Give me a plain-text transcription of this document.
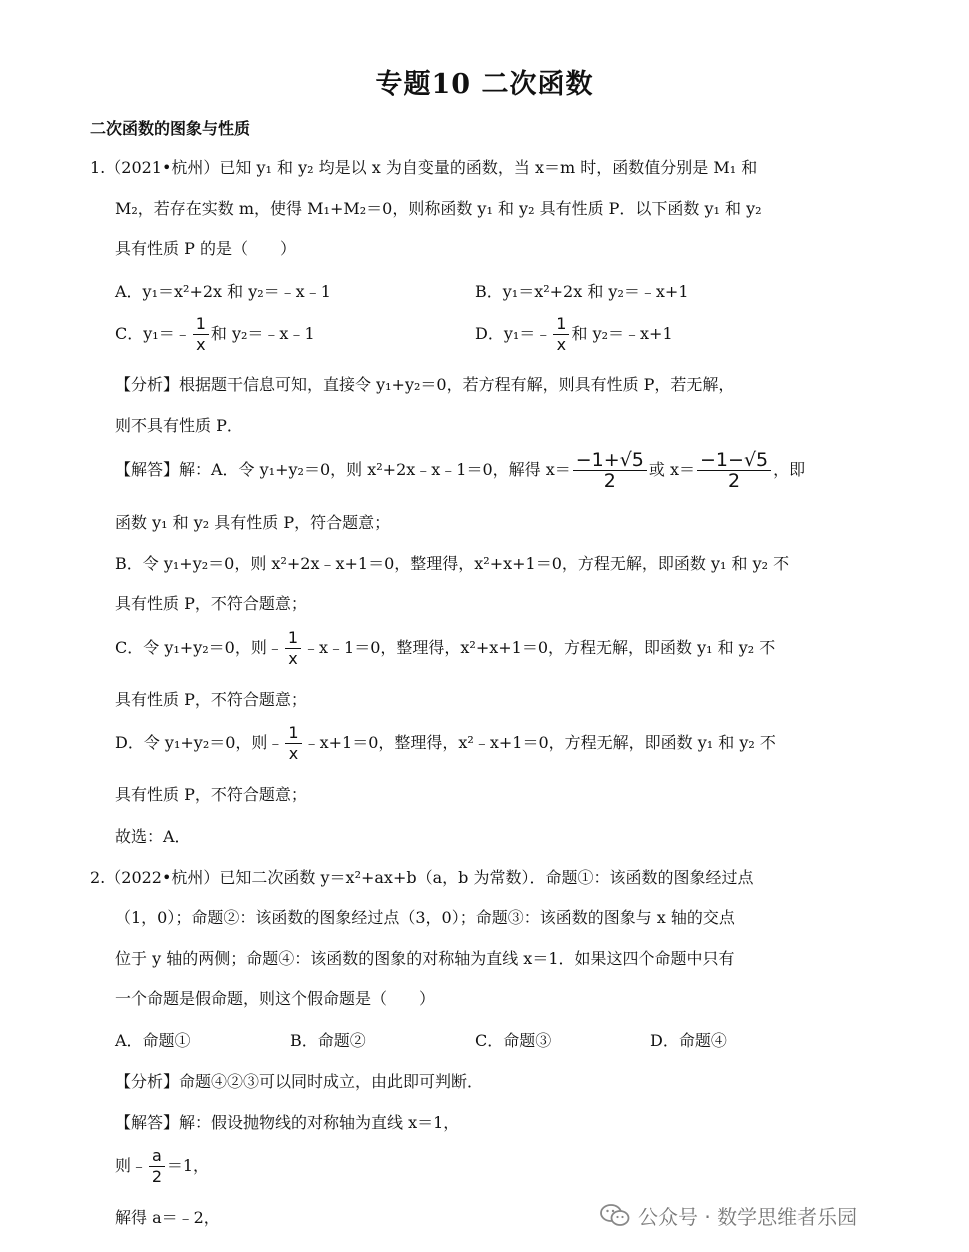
专题10 二次函数
二次函数的图象与性质
1.（2021•杭州）已知 y₁ 和 y₂ 均是以 x 为自变量的函数，当 x＝m 时，函数值分别是 M₁ 和
M₂，若存在实数 m，使得 M₁+M₂＝0，则称函数 y₁ 和 y₂ 具有性质 P．以下函数 y₁ 和 y₂
具有性质 P 的是（　　）
A．y₁＝x²+2x 和 y₂＝﹣x﹣1	B．y₁＝x²+2x 和 y₂＝﹣x+1
C．y₁＝﹣ $\frac{1}{x}$ 和 y₂＝﹣x﹣1	D．y₁＝﹣ $\frac{1}{x}$ 和 y₂＝﹣x+1
【分析】根据题干信息可知，直接令 y₁+y₂＝0，若方程有解，则具有性质 P，若无解，
则不具有性质 P．
【解答】解：A．令 y₁+y₂＝0，则 x²+2x﹣x﹣1＝0，解得 $x= \frac{-1+√5}{2}$ 或 $x= \frac{-1-√5}{2}$ ，即
函数 y₁ 和 y₂ 具有性质 P，符合题意；
B．令 y₁+y₂＝0，则 x²+2x﹣x+1＝0，整理得，x²+x+1＝0，方程无解，即函数 y₁ 和 y₂ 不
具有性质 P，不符合题意；
C．令 y₁+y₂＝0，则﹣ $\frac{1}{x}$ ﹣x﹣1＝0，整理得，x²+x+1＝0，方程无解，即函数 y₁ 和 y₂ 不
具有性质 P，不符合题意；
D．令 y₁+y₂＝0，则﹣ $\frac{1}{x}$ ﹣x+1＝0，整理得，x²﹣x+1＝0，方程无解，即函数 y₁ 和 y₂ 不
具有性质 P，不符合题意；
故选：A．
2.（2022•杭州）已知二次函数 y＝x²+ax+b（a，b 为常数）．命题①：该函数的图象经过点
（1，0）；命题②：该函数的图象经过点（3，0）；命题③：该函数的图象与 x 轴的交点
位于 y 轴的两侧；命题④：该函数的图象的对称轴为直线 x＝1．如果这四个命题中只有
一个命题是假命题，则这个假命题是（　　）
A．命题①	B．命题②	C．命题③	D．命题④
【分析】命题④②③可以同时成立，由此即可判断．
【解答】解：假设抛物线的对称轴为直线 x＝1，
则﹣ $\frac{a}{2} =1$，
解得 a＝﹣2，	公众号 · 数学思维者乐园
